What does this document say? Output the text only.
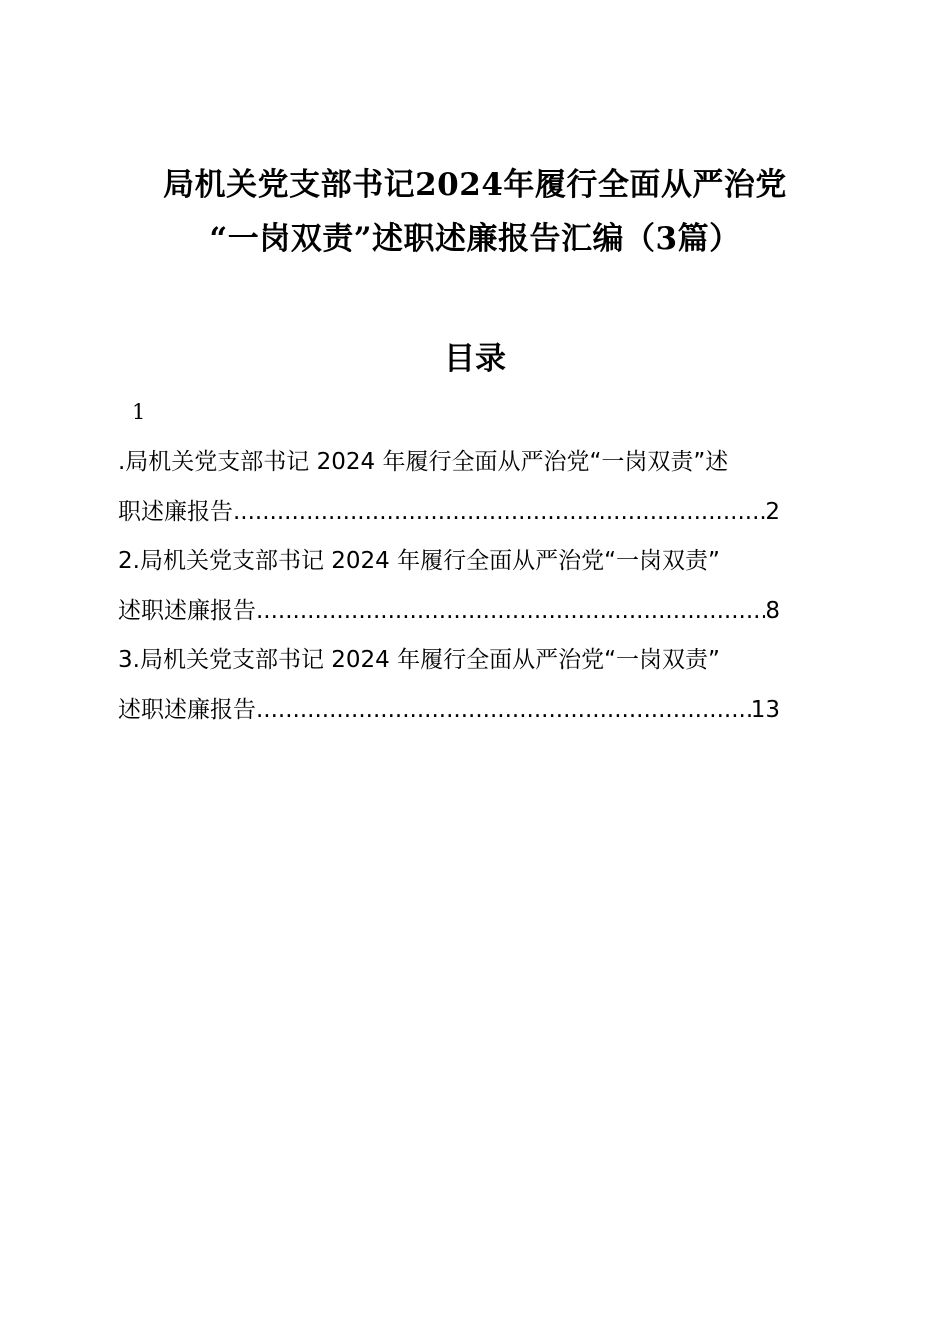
局机关党支部书记2024年履行全面从严治党
“一岗双责”述职述廉报告汇编（3篇）
目录
1
.局机关党支部书记 2024 年履行全面从严治党“一岗双责”述
职述廉报告 .....	2
2.局机关党支部书记 2024 年履行全面从严治党“一岗双责”
述职述廉报告 .....	8
3.局机关党支部书记 2024 年履行全面从严治党“一岗双责”
述职述廉报告 .....	13
